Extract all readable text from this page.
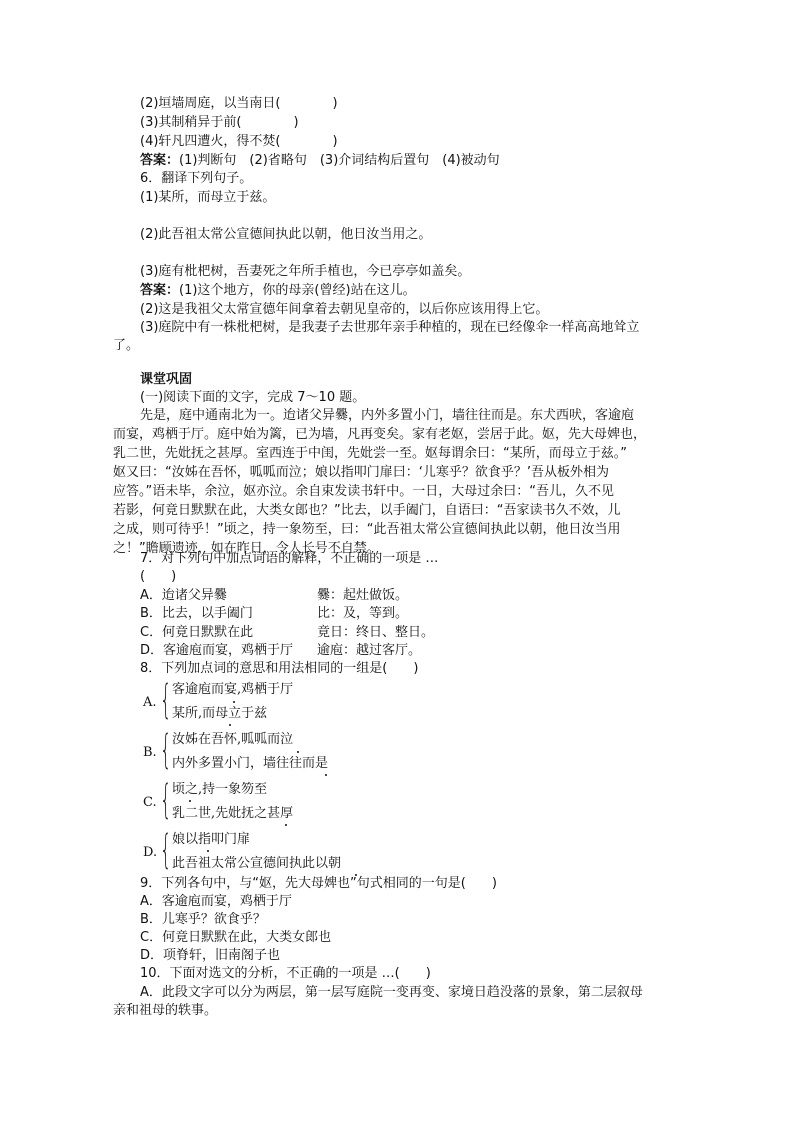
(2)垣墙周庭，以当南日(　　　　)
(3)其制稍异于前(　　　　)
(4)轩凡四遭火，得不焚(　　　　)
答案：(1)判断句　(2)省略句　(3)介词结构后置句　(4)被动句
6．翻译下列句子。
(1)某所，而母立于兹。
(2)此吾祖太常公宣德间执此以朝，他日汝当用之。
(3)庭有枇杷树，吾妻死之年所手植也，今已亭亭如盖矣。
答案：(1)这个地方，你的母亲(曾经)站在这儿。
(2)这是我祖父太常宣德年间拿着去朝见皇帝的，以后你应该用得上它。
(3)庭院中有一株枇杷树，是我妻子去世那年亲手种植的，现在已经像伞一样高高地耸立
了。
课堂巩固
(一)阅读下面的文字，完成 7～10 题。
先是，庭中通南北为一。迨诸父异爨，内外多置小门，墙往往而是。东犬西吠，客逾庖
而宴，鸡栖于厅。庭中始为篱，已为墙，凡再变矣。家有老妪，尝居于此。妪，先大母婢也，
乳二世，先妣抚之甚厚。室西连于中闺，先妣尝一至。妪每谓余曰：“某所，而母立于兹。”
妪又曰：“汝姊在吾怀，呱呱而泣；娘以指叩门扉曰：‘儿寒乎？欲食乎？’吾从板外相为
应答。”语未毕，余泣，妪亦泣。余自束发读书轩中。一日，大母过余曰：“吾儿，久不见
若影，何竟日默默在此，大类女郎也？”比去，以手阖门，自语曰：“吾家读书久不效，儿
之成，则可待乎！”顷之，持一象笏至，曰：“此吾祖太常公宣德间执此以朝，他日汝当用
之！”瞻顾遗迹，如在昨日，令人长号不自禁。
7．对下列句中加点词语的解释，不正确的一项是 …
(　　)
A．迨诸父异爨	爨：起灶做饭。
B．比去，以手阖门	比：及，等到。
C．何竟日默默在此	竟日：终日、整日。
D．客逾庖而宴，鸡栖于厅 逾庖：越过客厅。
8．下列加点词的意思和用法相同的一组是(　　)
A. { 客逾庖而宴,鸡栖于厅
某所,而母立于兹
B. { 汝姊在吾怀,呱呱而泣
内外多置小门，墙往往而是
C. { 顷之,持一象笏至
乳二世,先妣抚之甚厚
D. { 娘以指叩门扉
此吾祖太常公宣德间执此以朝
9．下列各句中，与“妪，先大母婢也”句式相同的一句是(　　)
A．客逾庖而宴，鸡栖于厅
B．儿寒乎？欲食乎？
C．何竟日默默在此，大类女郎也
D．项脊轩，旧南阁子也
10．下面对选文的分析，不正确的一项是 …(　　)
A．此段文字可以分为两层，第一层写庭院一变再变、家境日趋没落的景象，第二层叙母
亲和祖母的轶事。
